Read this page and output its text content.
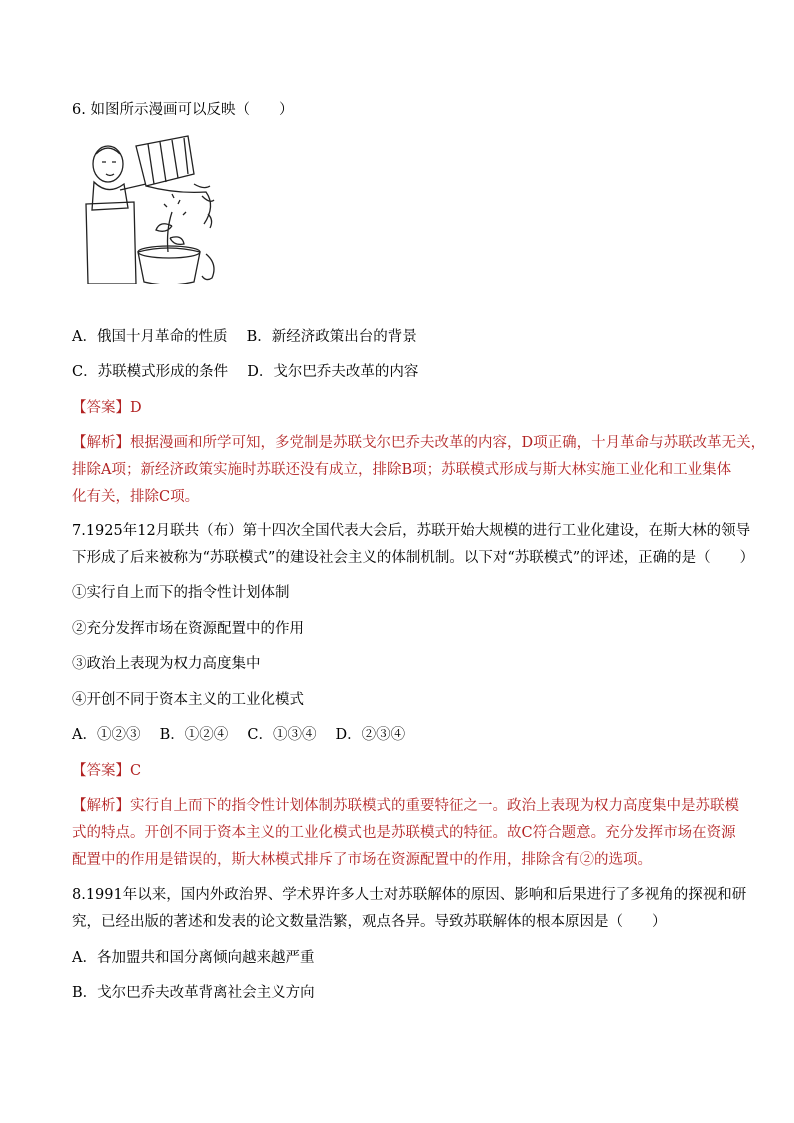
6. 如图所示漫画可以反映（　　）
A．俄国十月革命的性质　 B．新经济政策出台的背景
C．苏联模式形成的条件　 D．戈尔巴乔夫改革的内容
【答案】D
【解析】根据漫画和所学可知，多党制是苏联戈尔巴乔夫改革的内容，D项正确，十月革命与苏联改革无关，
排除A项；新经济政策实施时苏联还没有成立，排除B项；苏联模式形成与斯大林实施工业化和工业集体
化有关，排除C项。
7.1925年12月联共（布）第十四次全国代表大会后，苏联开始大规模的进行工业化建设，在斯大林的领导
下形成了后来被称为“苏联模式”的建设社会主义的体制机制。以下对“苏联模式”的评述，正确的是（　　）
①实行自上而下的指令性计划体制
②充分发挥市场在资源配置中的作用
③政治上表现为权力高度集中
④开创不同于资本主义的工业化模式
A．①②③　 B．①②④　 C．①③④　 D．②③④
【答案】C
【解析】实行自上而下的指令性计划体制苏联模式的重要特征之一。政治上表现为权力高度集中是苏联模
式的特点。开创不同于资本主义的工业化模式也是苏联模式的特征。故C符合题意。充分发挥市场在资源
配置中的作用是错误的，斯大林模式排斥了市场在资源配置中的作用，排除含有②的选项。
8.1991年以来，国内外政治界、学术界许多人士对苏联解体的原因、影响和后果进行了多视角的探视和研
究，已经出版的著述和发表的论文数量浩繁，观点各异。导致苏联解体的根本原因是（　　）
A．各加盟共和国分离倾向越来越严重
B．戈尔巴乔夫改革背离社会主义方向
